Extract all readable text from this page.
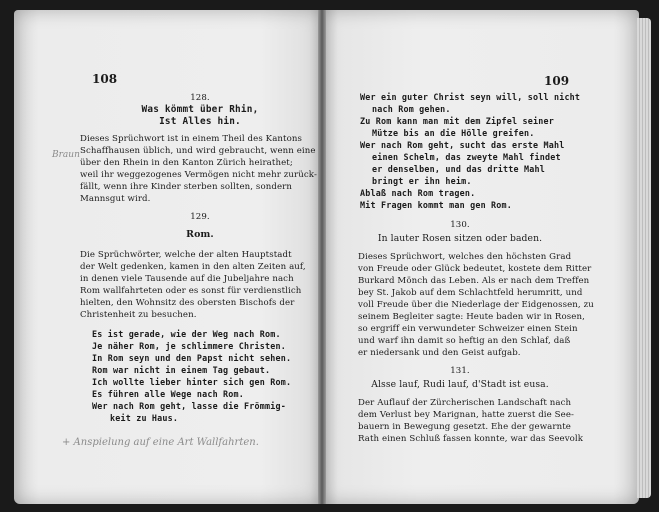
108
128.
Was kömmt über Rhin,
Ist Alles hin.
Dieses Sprüchwort ist in einem Theil des Kantons
Schaffhausen üblich, und wird gebraucht, wenn eine
über den Rhein in den Kanton Zürich heirathet;
weil ihr weggezogenes Vermögen nicht mehr zurück-
fällt, wenn ihre Kinder sterben sollten, sondern
Mannsgut wird.
Braun
129.
Rom.
Die Sprüchwörter, welche der alten Hauptstadt
der Welt gedenken, kamen in den alten Zeiten auf,
in denen viele Tausende auf die Jubeljahre nach
Rom wallfahrteten oder es sonst für verdienstlich
hielten, den Wohnsitz des obersten Bischofs der
Christenheit zu besuchen.
Es ist gerade, wie der Weg nach Rom.
Je näher Rom, je schlimmere Christen.
In Rom seyn und den Papst nicht sehen.
Rom war nicht in einem Tag gebaut.
Ich wollte lieber hinter sich gen Rom.
Es führen alle Wege nach Rom.
Wer nach Rom geht, lasse die Frömmig-
keit zu Haus.
+ Anspielung auf eine Art Wallfahrten.
109
Wer ein guter Christ seyn will, soll nicht
nach Rom gehen.
Zu Rom kann man mit dem Zipfel seiner
Mütze bis an die Hölle greifen.
Wer nach Rom geht, sucht das erste Mahl
einen Schelm, das zweyte Mahl findet
er denselben, und das dritte Mahl
bringt er ihn heim.
Ablaß nach Rom tragen.
Mit Fragen kommt man gen Rom.
130.
In lauter Rosen sitzen oder baden.
Dieses Sprüchwort, welches den höchsten Grad
von Freude oder Glück bedeutet, kostete dem Ritter
Burkard Mönch das Leben. Als er nach dem Treffen
bey St. Jakob auf dem Schlachtfeld herumritt, und
voll Freude über die Niederlage der Eidgenossen, zu
seinem Begleiter sagte: Heute baden wir in Rosen,
so ergriff ein verwundeter Schweizer einen Stein
und warf ihn damit so heftig an den Schlaf, daß
er niedersank und den Geist aufgab.
131.
Alsse lauf, Rudi lauf, d'Stadt ist eusa.
Der Auflauf der Zürcherischen Landschaft nach
dem Verlust bey Marignan, hatte zuerst die See-
bauern in Bewegung gesetzt. Ehe der gewarnte
Rath einen Schluß fassen konnte, war das Seevolk
